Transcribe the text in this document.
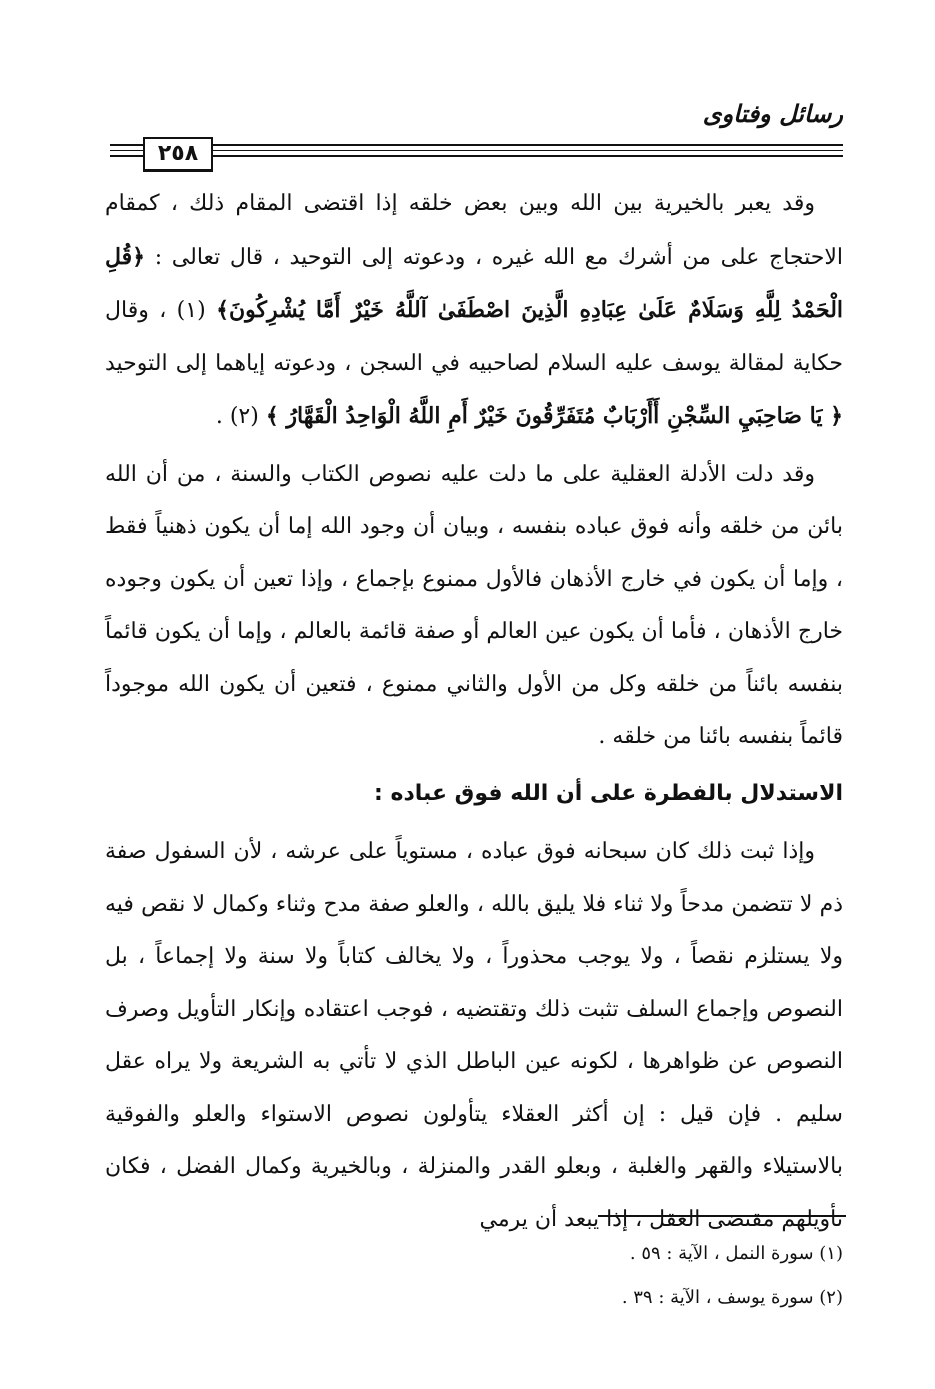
رسائل وفتاوى
٢٥٨

وقد يعبر بالخيرية بين الله وبين بعض خلقه إذا اقتضى المقام ذلك ، كمقام الاحتجاج على من أشرك مع الله غيره ، ودعوته إلى التوحيد ، قال تعالى : ﴿قُلِ الْحَمْدُ لِلَّهِ وَسَلَامٌ عَلَىٰ عِبَادِهِ الَّذِينَ اصْطَفَىٰ آللَّهُ خَيْرٌ أَمَّا يُشْرِكُونَ﴾ (١) ، وقال حكاية لمقالة يوسف عليه السلام لصاحبيه في السجن ، ودعوته إياهما إلى التوحيد ﴿ يَا صَاحِبَيِ السِّجْنِ أَأَرْبَابٌ مُتَفَرِّقُونَ خَيْرٌ أَمِ اللَّهُ الْوَاحِدُ الْقَهَّارُ ﴾ (٢) .

وقد دلت الأدلة العقلية على ما دلت عليه نصوص الكتاب والسنة ، من أن الله بائن من خلقه وأنه فوق عباده بنفسه ، وبيان أن وجود الله إما أن يكون ذهنياً فقط ، وإما أن يكون في خارج الأذهان فالأول ممنوع بإجماع ، وإذا تعين أن يكون وجوده خارج الأذهان ، فأما أن يكون عين العالم أو صفة قائمة بالعالم ، وإما أن يكون قائماً بنفسه بائناً من خلقه وكل من الأول والثاني ممنوع ، فتعين أن يكون الله موجوداً قائماً بنفسه بائنا من خلقه .

الاستدلال بالفطرة على أن الله فوق عباده :

وإذا ثبت ذلك كان سبحانه فوق عباده ، مستوياً على عرشه ، لأن السفول صفة ذم لا تتضمن مدحاً ولا ثناء فلا يليق بالله ، والعلو صفة مدح وثناء وكمال لا نقص فيه ولا يستلزم نقصاً ، ولا يوجب محذوراً ، ولا يخالف كتاباً ولا سنة ولا إجماعاً ، بل النصوص وإجماع السلف تثبت ذلك وتقتضيه ، فوجب اعتقاده وإنكار التأويل وصرف النصوص عن ظواهرها ، لكونه عين الباطل الذي لا تأتي به الشريعة ولا يراه عقل سليم . فإن قيل : إن أكثر العقلاء يتأولون نصوص الاستواء والعلو والفوقية بالاستيلاء والقهر والغلبة ، وبعلو القدر والمنزلة ، وبالخيرية وكمال الفضل ، فكان تأويلهم مقتضى العقل ، إذا يبعد أن يرمي

(١) سورة النمل ، الآية : ٥٩ .
(٢) سورة يوسف ، الآية : ٣٩ .
